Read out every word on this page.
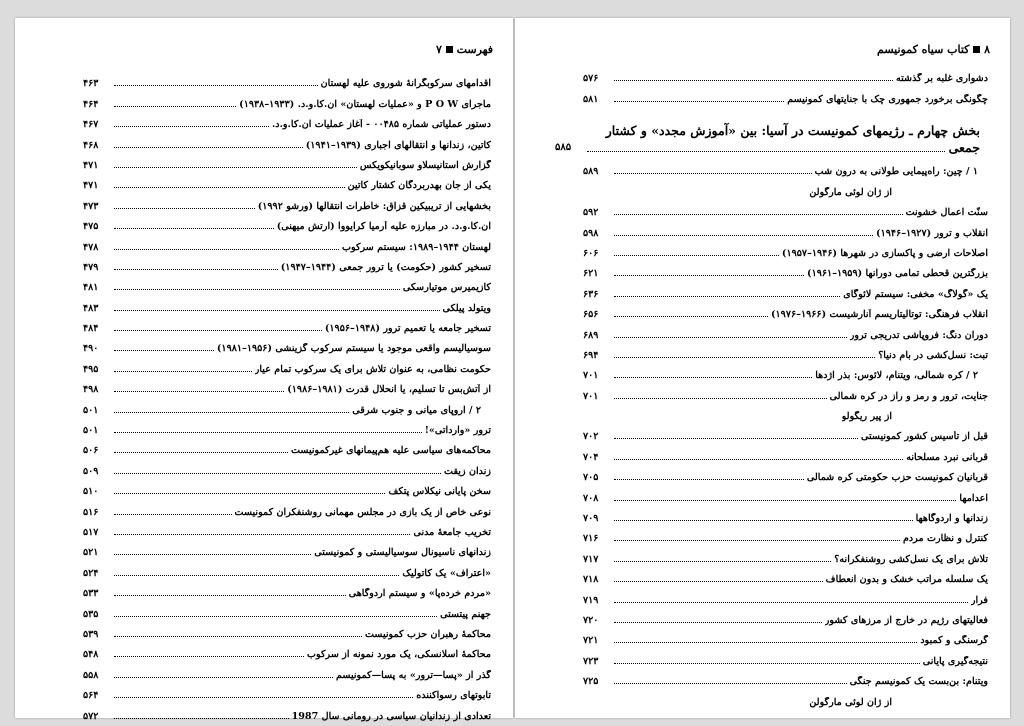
فهرست  ۷
اقدامهای سرکوبگرانهٔ شوروی علیه لهستان
۴۶۳
ماجرای P O W و «عملیات لهستان» ان.کا.و.د. (۱۹۳۳–۱۹۳۸)
۴۶۴
دستور عملیاتی شماره ۰۰۴۸۵ - آغاز عملیات ان.کا.و.د.
۴۶۷
کاتین، زندانها و انتقالهای اجباری (۱۹۳۹–۱۹۴۱)
۴۶۸
گزارش استانیسلاو سوبانیکویکس
۴۷۱
یکی از جان بهدربردگان کشتار کاتین
۴۷۱
بخشهایی از تریبیکین قزاق: خاطرات انتقالها (ورشو ۱۹۹۲)
۴۷۳
ان.کا.و.د. در مبارزه علیه آرمیا کرایووا (ارتش میهنی)
۴۷۵
لهستان ۱۹۴۴–۱۹۸۹: سیستم سرکوب
۴۷۸
تسخیر کشور (حکومت) یا ترور جمعی (۱۹۴۴–۱۹۴۷)
۴۷۹
کازیمیرس موتیارسکی
۴۸۱
ویتولد پیلکی
۴۸۳
تسخیر جامعه یا تعمیم ترور (۱۹۴۸–۱۹۵۶)
۴۸۴
سوسیالیسم واقعی موجود یا سیستم سرکوب گزینشی (۱۹۵۶–۱۹۸۱)
۴۹۰
حکومت نظامی، به عنوان تلاش برای یک سرکوب تمام عیار
۴۹۵
از آتش‌بس تا تسلیم، یا انحلال قدرت (۱۹۸۱–۱۹۸۶)
۴۹۸
۲ / اروپای میانی و جنوب شرقی
۵۰۱
ترور «وارداتی»!
۵۰۱
محاکمه‌های سیاسی علیه هم‌پیمانهای غیرکمونیست
۵۰۶
زندان زیقت
۵۰۹
سخن پایانی نیکلاس پتکف
۵۱۰
نوعی خاص از یک بازی در مجلس مهمانی روشنفکران کمونیست
۵۱۶
تخریب جامعهٔ مدنی
۵۱۷
زندانهای ناسیونال سوسیالیستی و کمونیستی
۵۲۱
«اعتراف» یک کاتولیک
۵۲۴
«مردم خرده‌پا» و سیستم اردوگاهی
۵۳۳
جهنم پیتستی
۵۳۵
محاکمهٔ رهبران حزب کمونیست
۵۳۹
محاکمهٔ اسلانسکی، یک مورد نمونه از سرکوب
۵۴۸
گذر از «پسا—ترور» به پسا—کمونیسم
۵۵۸
تابوتهای رسواکننده
۵۶۴
تعدادی از زندانیان سیاسی در رومانی سال 1987
۵۷۲
۸  کتاب سیاه کمونیسم
دشواری غلبه بر گذشته
۵۷۶
چگونگی برخورد جمهوری چک با جنایتهای کمونیسم
۵۸۱
بخش چهارم ـ رژیمهای کمونیست در آسیا: بین «آموزش مجدد» و کشتار
جمعی
۵۸۵
۱ / چین: راه‌پیمایی طولانی به درون شب
۵۸۹
از ژان لوئی مارگولن
سنّت اعمال خشونت
۵۹۲
انقلاب و ترور (۱۹۲۷–۱۹۴۶)
۵۹۸
اصلاحات ارضی و پاکسازی در شهرها (۱۹۴۶–۱۹۵۷)
۶۰۶
بزرگترین قحطی تمامی دورانها (۱۹۵۹–۱۹۶۱)
۶۲۱
یک «گولاگ» مخفی: سیستم لائوگای
۶۳۶
انقلاب فرهنگی: توتالیتاریسم آنارشیست (۱۹۶۶–۱۹۷۶)
۶۵۶
دوران دنگ: فروپاشی تدریجی ترور
۶۸۹
تبت: نسل‌کشی در بام دنیا؟
۶۹۴
۲ / کره شمالی، ویتنام، لائوس: بذر اژدها
۷۰۱
جنایت، ترور و رمز و راز در کره شمالی
۷۰۱
از پیر ریگولو
قبل از تأسیس کشور کمونیستی
۷۰۲
قربانی نبرد مسلحانه
۷۰۴
قربانیان کمونیست حزب حکومتی کره شمالی
۷۰۵
اعدامها
۷۰۸
زندانها و اردوگاهها
۷۰۹
کنترل و نظارت مردم
۷۱۶
تلاش برای یک نسل‌کشی روشنفکرانه؟
۷۱۷
یک سلسله مراتب خشک و بدون انعطاف
۷۱۸
فرار
۷۱۹
فعالیتهای رژیم در خارج از مرزهای کشور
۷۲۰
گرسنگی و کمبود
۷۲۱
نتیجه‌گیری پایانی
۷۲۳
ویتنام: بن‌بست یک کمونیسم جنگی
۷۲۵
از ژان لوئی مارگولن
